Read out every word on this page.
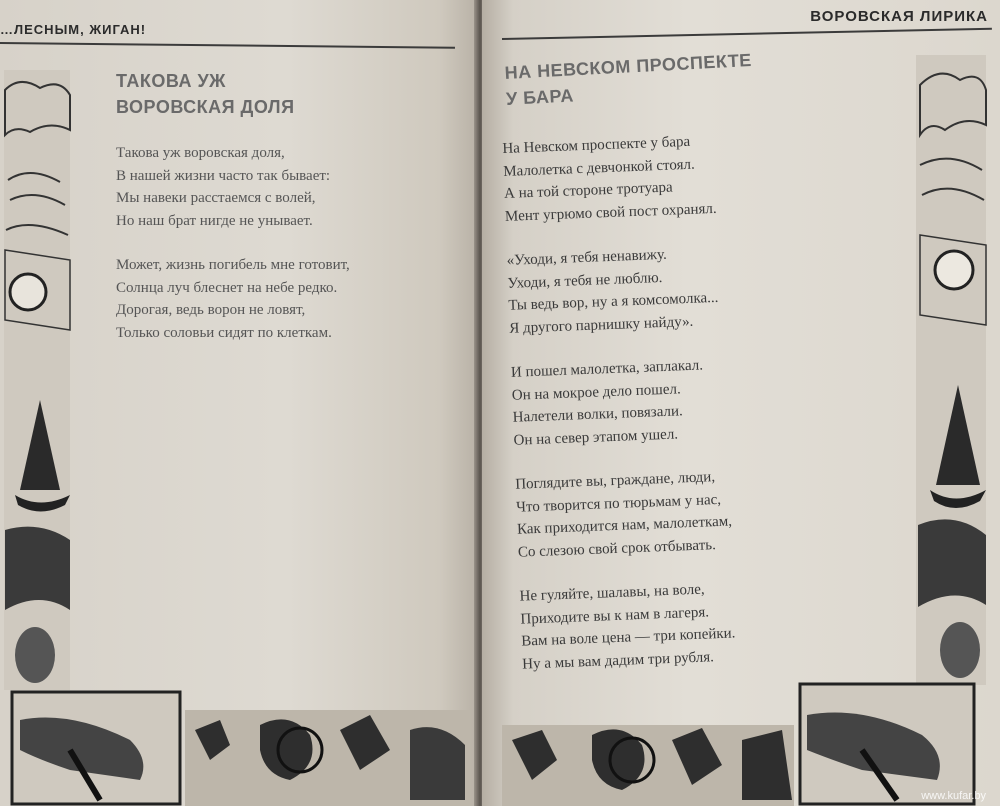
…ЛЕСНЫМ, ЖИГАН!
ТАКОВА УЖ
ВОРОВСКАЯ ДОЛЯ
Такова уж воровская доля,
В нашей жизни часто так бывает:
Мы навеки расстаемся с волей,
Но наш брат нигде не унывает.
Может, жизнь погибель мне готовит,
Солнца луч блеснет на небе редко.
Дорогая, ведь ворон не ловят,
Только соловьи сидят по клеткам.
ВОРОВСКАЯ ЛИРИКА
НА НЕВСКОМ ПРОСПЕКТЕ
У БАРА
На Невском проспекте у бара
Малолетка с девчонкой стоял.
А на той стороне тротуара
Мент угрюмо свой пост охранял.
«Уходи, я тебя ненавижу.
Уходи, я тебя не люблю.
Ты ведь вор, ну а я комсомолка...
Я другого парнишку найду».
И пошел малолетка, заплакал.
Он на мокрое дело пошел.
Налетели волки, повязали.
Он на север этапом ушел.
Поглядите вы, граждане, люди,
Что творится по тюрьмам у нас,
Как приходится нам, малолеткам,
Со слезою свой срок отбывать.
Не гуляйте, шалавы, на воле,
Приходите вы к нам в лагеря.
Вам на воле цена — три копейки.
Ну а мы вам дадим три рубля.
www.kufar.by
